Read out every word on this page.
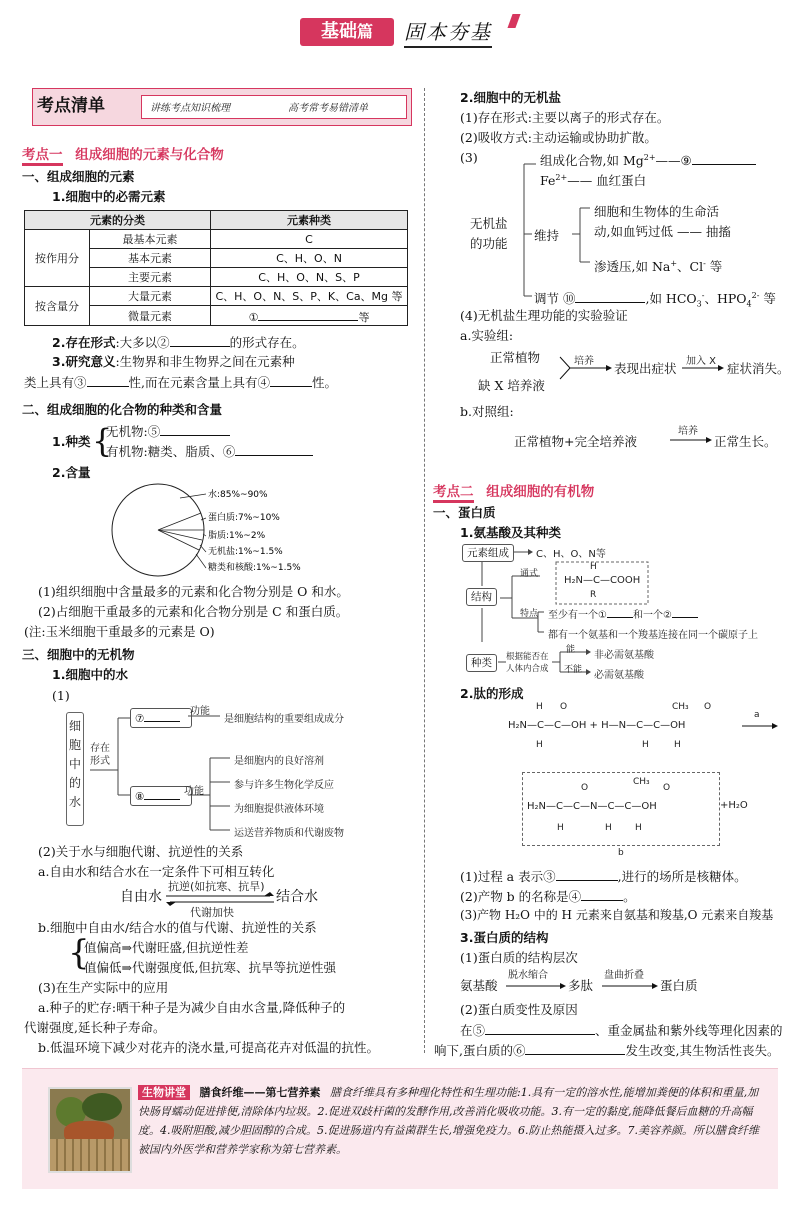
基础篇	固本夯基
考点清单	讲练考点知识梳理	高考常考易错清单
考点一 组成细胞的元素与化合物
一、组成细胞的元素
1.细胞中的必需元素
元素的分类		元素种类
按作用分	最基本元素	C
	基本元素	C、H、O、N
	主要元素	C、H、O、N、S、P
按含量分	大量元素	C、H、O、N、S、P、K、Ca、Mg 等
	微量元素	① 等
2.存在形式:大多以②	的形式存在。
3.研究意义:生物界和非生物界之间在元素种
类上具有③	性,而在元素含量上具有④	性。
二、组成细胞的化合物的种类和含量
1.种类 {
无机物:⑤
有机物:糖类、脂质、⑥
2.含量
水:85%~90%
蛋白质:7%~10%
脂质:1%~2%
无机盐:1%~1.5%
糖类和核酸:1%~1.5%
(1)组织细胞中含量最多的元素和化合物分别是 O 和水。
(2)占细胞干重最多的元素和化合物分别是 C 和蛋白质。
(注:玉米细胞干重最多的元素是 O)
三、细胞中的无机物
1.细胞中的水
(1)
细胞中的水
存在形式
⑦
⑧
功能
功能
是细胞结构的重要组成成分
是细胞内的良好溶剂
参与许多生物化学反应
为细胞提供液体环境
运送营养物质和代谢废物
(2)关于水与细胞代谢、抗逆性的关系
a.自由水和结合水在一定条件下可相互转化
自由水
抗逆(如抗寒、抗旱)
代谢加快
结合水
b.细胞中自由水/结合水的值与代谢、抗逆性的关系
{
值偏高⇒代谢旺盛,但抗逆性差
值偏低⇒代谢强度低,但抗寒、抗旱等抗逆性强
(3)在生产实际中的应用
a.种子的贮存:晒干种子是为减少自由水含量,降低种子的
代谢强度,延长种子寿命。
b.低温环境下减少对花卉的浇水量,可提高花卉对低温的抗性。
2.细胞中的无机盐
(1)存在形式:主要以离子的形式存在。
(2)吸收方式:主动运输或协助扩散。
(3)
无机盐
的功能
组成化合物,如 $Mg^{2+}——⑨$
$Fe^{2+}——$ 血红蛋白
维持
细胞和生物体的生命活
动,如血钙过低 —— 抽搐
渗透压,如 Na+、Cl- 等
调节 ⑩	,如 $HCO_3^-$、$HPO_4^{2-}$ 等
(4)无机盐生理功能的实验验证
a.实验组:
正常植物
缺 X 培养液
培养 表现出症状 加入 X 症状消失。
b.对照组:
正常植物+完全培养液
培养
正常生长。
考点二 组成细胞的有机物
一、蛋白质
1.氨基酸及其种类
元素组成	C、H、O、N等
结构
通式
H
H₂N—C—COOH
R
特点 至少有一个①	和一个②
都有一个氨基和一个羧基连接在同一个碳原子上
种类	根据能否在
人体内合成
能
不能
非必需氨基酸
必需氨基酸
2.肽的形成
O
H	CH₃ O
H₂N—C—C—OH + H—N—C—C—OH
H	H	H
a
CH₃
O	O
H₂N—C—C—N—C—C—OH
H	H	H
+H₂O
b
(1)过程 a 表示③	,进行的场所是核糖体。
(2)产物 b 的名称是④	。
(3)产物 H₂O 中的 H 元素来自氨基和羧基,O 元素来自羧基
3.蛋白质的结构
(1)蛋白质的结构层次
氨基酸
脱水缩合
多肽
盘曲折叠
蛋白质
(2)蛋白质变性及原因
在⑤	、重金属盐和紫外线等理化因素的
响下,蛋白质的⑥	发生改变,其生物活性丧失。
生物讲堂 膳食纤维——第七营养素 膳食纤维具有多种理化特性和生理功能:1.具有一定的溶水性,能增加粪便的体积和重量,加快肠胃蠕动促进排便,清除体内垃圾。2.促进双歧杆菌的发酵作用,改善消化吸收功能。3.有一定的黏度,能降低餐后血糖的升高幅度。4.吸附胆酸,减少胆固醇的合成。5.促进肠道内有益菌群生长,增强免疫力。6.防止热能摄入过多。7.美容养颜。所以膳食纤维被国内外医学和营养学家称为第七营养素。
